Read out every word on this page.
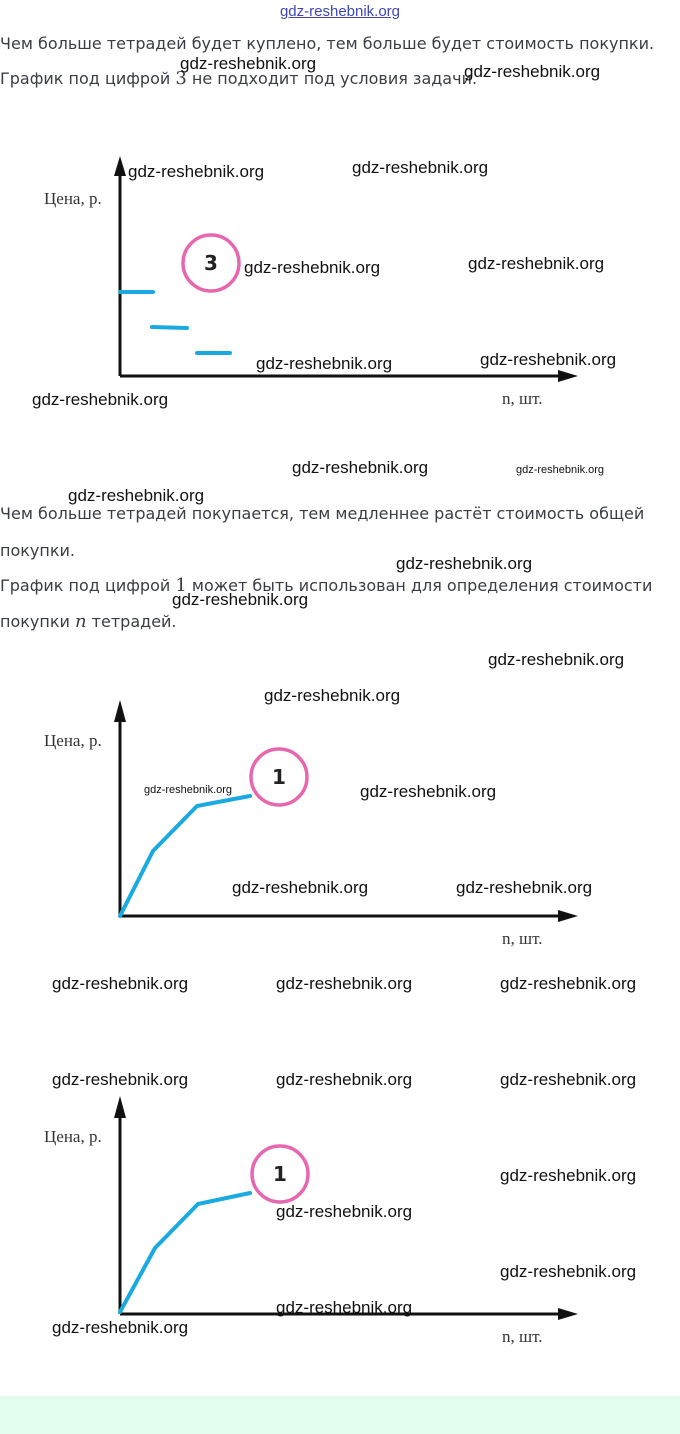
gdz-reshebnik.org

Чем больше тетрадей будет куплено, тем больше будет стоимость покупки.

График под цифрой 3 не подходит под условия задачи.

Цена, р.
n, шт.
3

Чем больше тетрадей покупается, тем медленнее растёт стоимость общей

покупки.

График под цифрой 1 может быть использован для определения стоимости

покупки n тетрадей.

Цена, р.
n, шт.
1
Цена, р.
n, шт.
1
gdz-reshebnik.org	gdz-reshebnik.org
gdz-reshebnik.org	gdz-reshebnik.org
gdz-reshebnik.org	gdz-reshebnik.org
gdz-reshebnik.org	gdz-reshebnik.org
gdz-reshebnik.org
gdz-reshebnik.org	gdz-reshebnik.org
gdz-reshebnik.org
gdz-reshebnik.org
gdz-reshebnik.org
gdz-reshebnik.org
gdz-reshebnik.org
gdz-reshebnik.org	gdz-reshebnik.org
gdz-reshebnik.org	gdz-reshebnik.org
gdz-reshebnik.org	gdz-reshebnik.org	gdz-reshebnik.org
gdz-reshebnik.org	gdz-reshebnik.org	gdz-reshebnik.org
gdz-reshebnik.org
gdz-reshebnik.org
gdz-reshebnik.org
gdz-reshebnik.org
gdz-reshebnik.org
